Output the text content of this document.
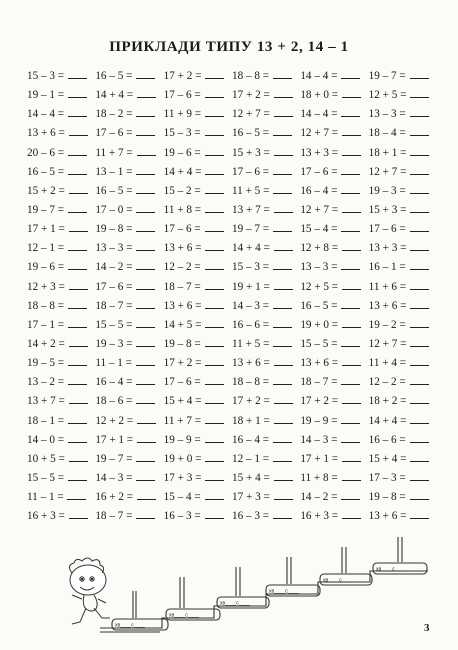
ПРИКЛАДИ ТИПУ 13 + 2, 14 – 1
15 – 3 =	16 – 5 =	17 + 2 =	18 – 8 =	14 – 4 =	19 – 7 =
19 – 1 =	14 + 4 =	17 – 6 =	17 + 2 =	18 + 0 =	12 + 5 =
14 – 4 =	18 – 2 =	11 + 9 =	12 + 7 =	14 – 4 =	13 – 3 =
13 + 6 =	17 – 6 =	15 – 3 =	16 – 5 =	12 + 7 =	18 – 4 =
20 – 6 =	11 + 7 =	19 – 6 =	15 + 3 =	13 + 3 =	18 + 1 =
16 – 5 =	13 – 1 =	14 + 4 =	17 – 6 =	17 – 6 =	12 + 7 =
15 + 2 =	16 – 5 =	15 – 2 =	11 + 5 =	16 – 4 =	19 – 3 =
19 – 7 =	17 – 0 =	11 + 8 =	13 + 7 =	12 + 7 =	15 + 3 =
17 + 1 =	19 – 8 =	17 – 6 =	19 – 7 =	15 – 4 =	17 – 6 =
12 – 1 =	13 – 3 =	13 + 6 =	14 + 4 =	12 + 8 =	13 + 3 =
19 – 6 =	14 – 2 =	12 – 2 =	15 – 3 =	13 – 3 =	16 – 1 =
12 + 3 =	17 – 6 =	18 – 7 =	19 + 1 =	12 + 5 =	11 + 6 =
18 – 8 =	18 – 7 =	13 + 6 =	14 – 3 =	16 – 5 =	13 + 6 =
17 – 1 =	15 – 5 =	14 + 5 =	16 – 6 =	19 + 0 =	19 – 2 =
14 + 2 =	19 – 3 =	19 – 8 =	11 + 5 =	15 – 5 =	12 + 7 =
19 – 5 =	11 – 1 =	17 + 2 =	13 + 6 =	13 + 6 =	11 + 4 =
13 – 2 =	16 – 4 =	17 – 6 =	18 – 8 =	18 – 7 =	12 – 2 =
13 + 7 =	18 – 6 =	15 + 4 =	17 + 2 =	17 + 2 =	18 + 2 =
18 – 1 =	12 + 2 =	11 + 7 =	18 + 1 =	19 – 9 =	14 + 4 =
14 – 0 =	17 + 1 =	19 – 9 =	16 – 4 =	14 – 3 =	16 – 6 =
10 + 5 =	19 – 7 =	19 + 0 =	12 – 1 =	17 + 1 =	15 + 4 =
15 – 5 =	14 – 3 =	17 + 3 =	15 + 4 =	11 + 8 =	17 – 3 =
11 – 1 =	16 + 2 =	15 – 4 =	17 + 3 =	14 – 2 =	19 – 8 =
16 + 3 =	18 – 7 =	16 – 3 =	16 – 3 =	16 + 3 =	13 + 6 =
хв____с____
хв____с____
хв____с____
хв____с____
хв____с____
хв____с____
3
